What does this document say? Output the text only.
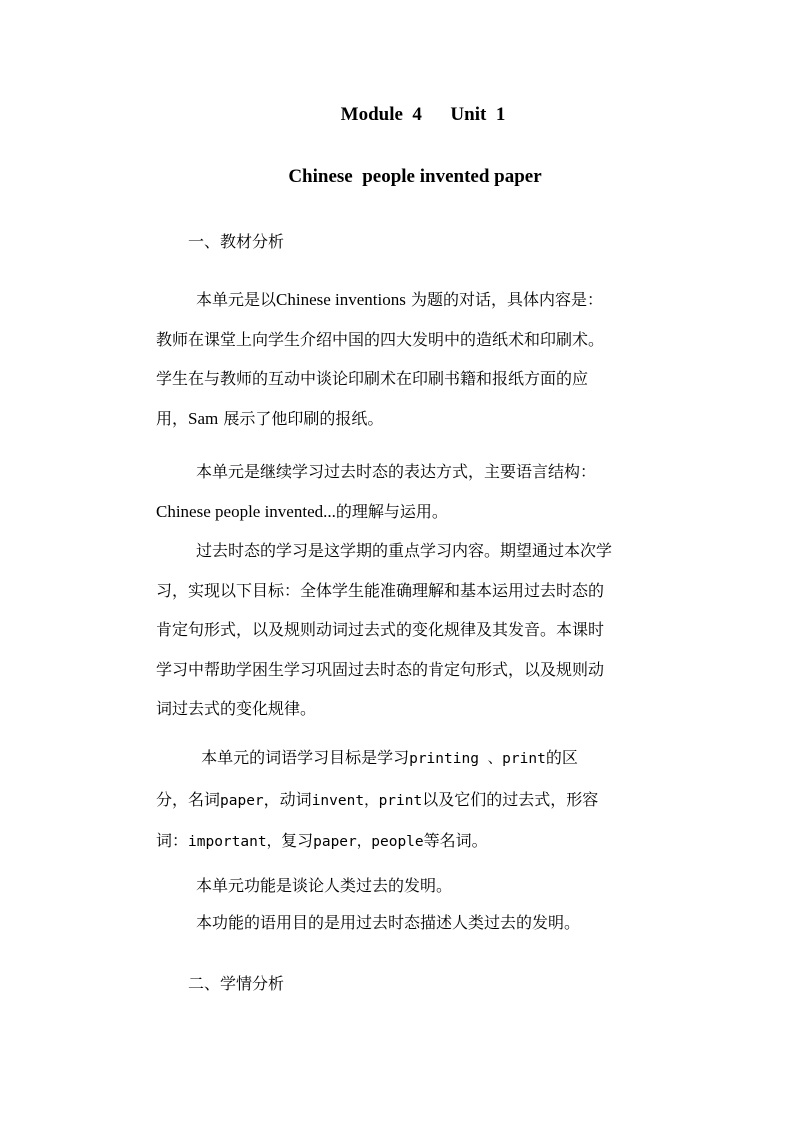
Module  4      Unit  1
Chinese  people invented paper
一、教材分析
本单元是以Chinese inventions 为题的对话，具体内容是：
教师在课堂上向学生介绍中国的四大发明中的造纸术和印刷术。
学生在与教师的互动中谈论印刷术在印刷书籍和报纸方面的应
用，Sam 展示了他印刷的报纸。
本单元是继续学习过去时态的表达方式，主要语言结构：
Chinese people invented...的理解与运用。
过去时态的学习是这学期的重点学习内容。期望通过本次学
习，实现以下目标：全体学生能准确理解和基本运用过去时态的
肯定句形式，以及规则动词过去式的变化规律及其发音。本课时
学习中帮助学困生学习巩固过去时态的肯定句形式，以及规则动
词过去式的变化规律。
本单元的词语学习目标是学习printing 、print的区
分，名词paper，动词invent，print以及它们的过去式，形容
词：important，复习paper，people等名词。
本单元功能是谈论人类过去的发明。
本功能的语用目的是用过去时态描述人类过去的发明。
二、学情分析
